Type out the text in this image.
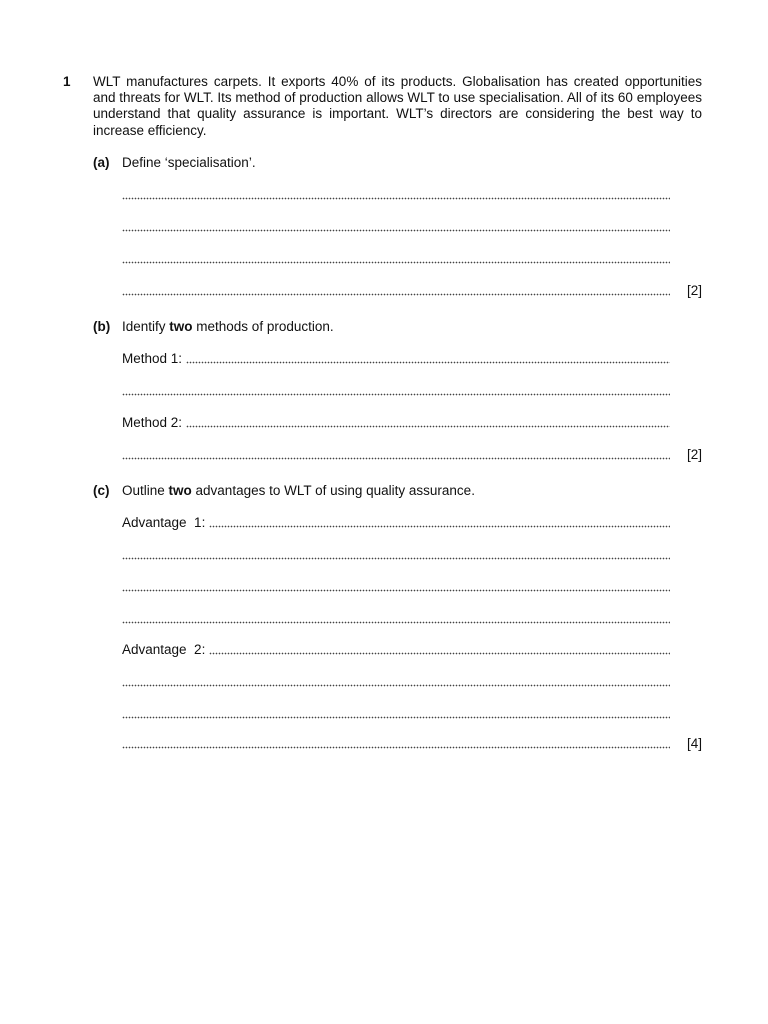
1 WLT manufactures carpets. It exports 40% of its products. Globalisation has created opportunities and threats for WLT. Its method of production allows WLT to use specialisation. All of its 60 employees understand that quality assurance is important. WLT’s directors are considering the best way to increase efficiency.
(a) Define ‘specialisation’.
[2]
(b) Identify two methods of production.
Method 1:
Method 2:
[2]
(c) Outline two advantages to WLT of using quality assurance.
Advantage  1:
Advantage  2:
[4]
